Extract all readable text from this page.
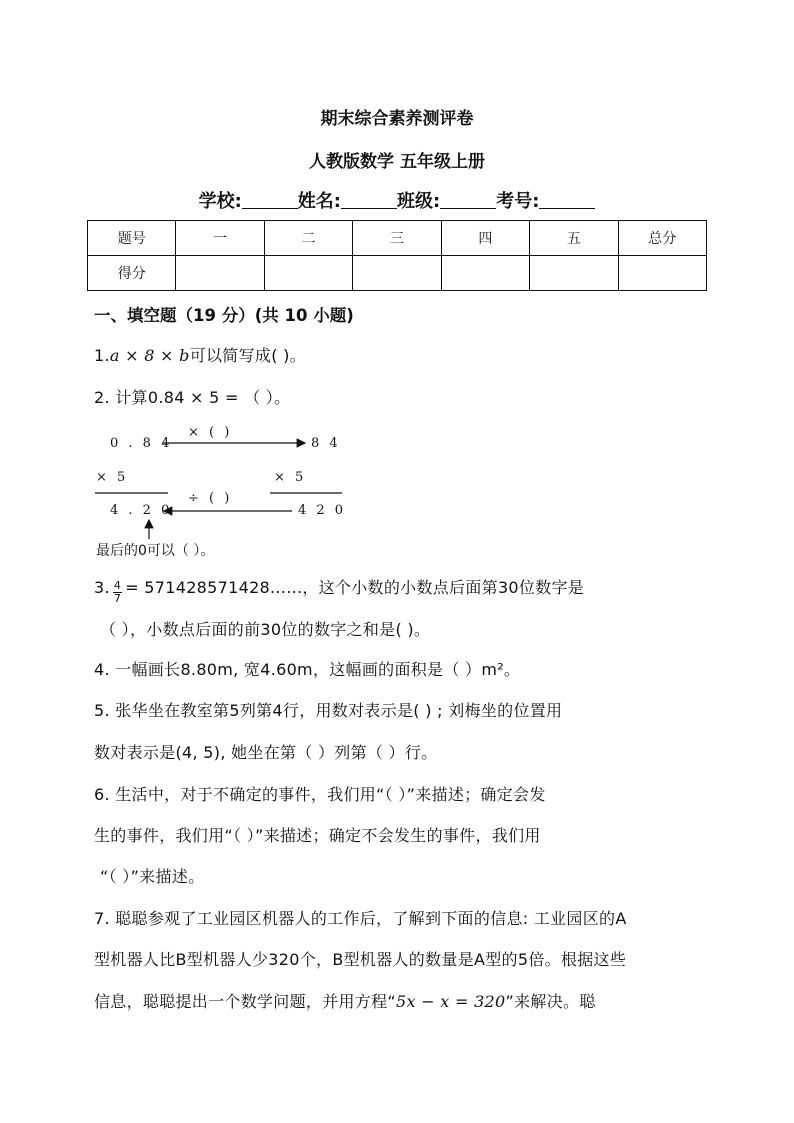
期末综合素养测评卷
人教版数学 五年级上册
学校:	姓名:	班级:	考号:
题号	一	二	三	四	五	总分
得分						
一、填空题（19 分）(共 10 小题)
1.a × 8 × b可以简写成( )。
2. 计算0.84 × 5 = （ ）。
0 . 8 4
× ( )
8 4
× 5	× 5
4 . 2 0
÷ ( )
4 2 0
最后的0可以（ ）。
3. $\frac{4}{7} = 571428571428$......，这个小数的小数点后面第30位数字是
（ ），小数点后面的前30位的数字之和是( )。
4. 一幅画长8.80m, 宽4.60m，这幅画的面积是（ ）m²。
5. 张华坐在教室第5列第4行，用数对表示是( ) ; 刘梅坐的位置用
数对表示是(4, 5), 她坐在第（ ）列第（ ）行。
6. 生活中，对于不确定的事件，我们用“（ ）”来描述；确定会发
生的事件，我们用“（ ）”来描述；确定不会发生的事件，我们用
“（ ）”来描述。
7. 聪聪参观了工业园区机器人的工作后，了解到下面的信息: 工业园区的A
型机器人比B型机器人少320个，B型机器人的数量是A型的5倍。根据这些
信息，聪聪提出一个数学问题，并用方程“5x − x = 320”来解决。聪
